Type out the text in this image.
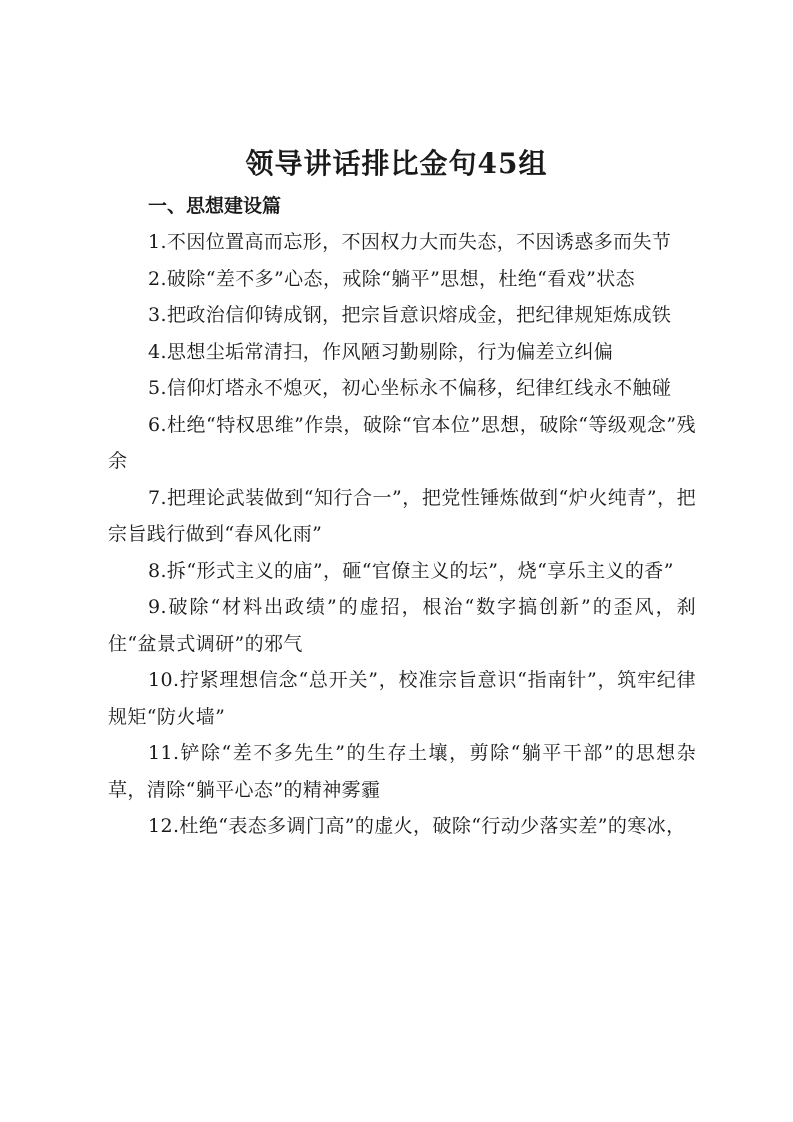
领导讲话排比金句45组
一、思想建设篇

1.不因位置高而忘形，不因权力大而失态，不因诱惑多而失节

2.破除“差不多”心态，戒除“躺平”思想，杜绝“看戏”状态

3.把政治信仰铸成钢，把宗旨意识熔成金，把纪律规矩炼成铁

4.思想尘垢常清扫，作风陋习勤剔除，行为偏差立纠偏

5.信仰灯塔永不熄灭，初心坐标永不偏移，纪律红线永不触碰

6.杜绝“特权思维”作祟，破除“官本位”思想，破除“等级观念”残余

7.把理论武装做到“知行合一”，把党性锤炼做到“炉火纯青”，把宗旨践行做到“春风化雨”

8.拆“形式主义的庙”，砸“官僚主义的坛”，烧“享乐主义的香”

9.破除“材料出政绩”的虚招，根治“数字搞创新”的歪风，刹住“盆景式调研”的邪气

10.拧紧理想信念“总开关”，校准宗旨意识“指南针”，筑牢纪律规矩“防火墙”

11.铲除“差不多先生”的生存土壤，剪除“躺平干部”的思想杂草，清除“躺平心态”的精神雾霾

12.杜绝“表态多调门高”的虚火，破除“行动少落实差”的寒冰，
